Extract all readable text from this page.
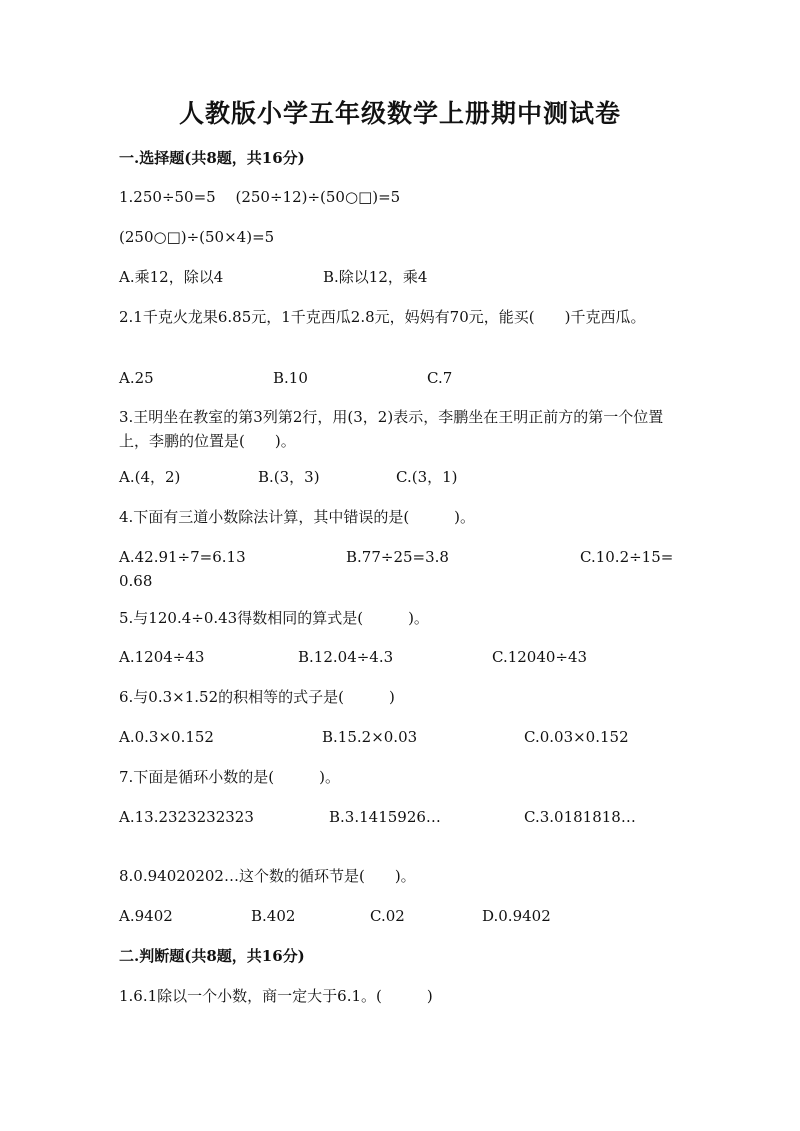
人教版小学五年级数学上册期中测试卷
一.选择题(共8题，共16分)
1.250÷50=5　 (250÷12)÷(50○□)=5
(250○□)÷(50×4)=5
A.乘12，除以4	B.除以12，乘4
2.1千克火龙果6.85元，1千克西瓜2.8元，妈妈有70元，能买(　　)千克西瓜。
A.25	B.10	C.7
3.王明坐在教室的第3列第2行，用(3，2)表示，李鹏坐在王明正前方的第一个位置上，李鹏的位置是(　　)。
A.(4，2)	B.(3，3)	C.(3，1)
4.下面有三道小数除法计算，其中错误的是(　　　)。
A.42.91÷7=6.13	B.77÷25=3.8	C.10.2÷15=
0.68
5.与120.4÷0.43得数相同的算式是(　　　)。
A.1204÷43	B.12.04÷4.3	C.12040÷43
6.与0.3×1.52的积相等的式子是(　　　)
A.0.3×0.152	B.15.2×0.03	C.0.03×0.152
7.下面是循环小数的是(　　　)。
A.13.2323232323	B.3.1415926…	C.3.0181818…
8.0.94020202…这个数的循环节是(　　)。
A.9402	B.402	C.02	D.0.9402
二.判断题(共8题，共16分)
1.6.1除以一个小数，商一定大于6.1。(　　　)
